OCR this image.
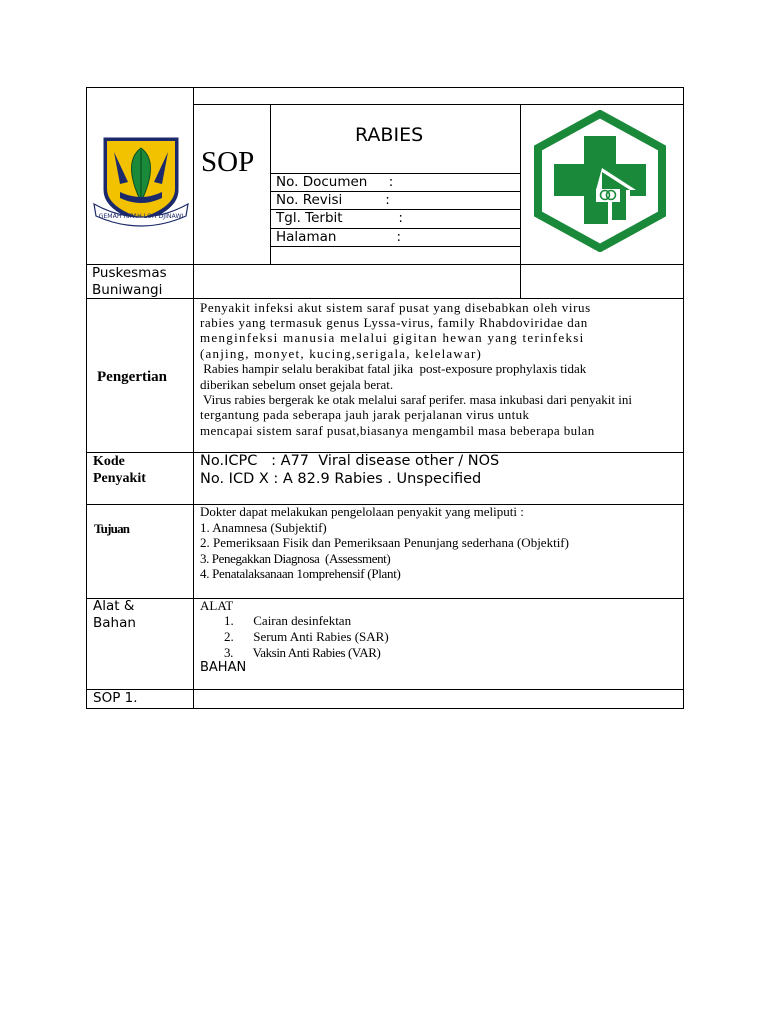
GEMAH RIPAH LOH DJINAWI
SOP
RABIES
No. Documen     :
No. Revisi          :
Tgl. Terbit             :
Halaman              :
Puskesmas
Buniwangi
Pengertian
Penyakit infeksi akut sistem saraf pusat yang disebabkan oleh virus
rabies yang termasuk genus Lyssa-virus, family Rhabdoviridae dan
menginfeksi manusia melalui gigitan hewan yang terinfeksi
(anjing, monyet, kucing,serigala, kelelawar)
Rabies hampir selalu berakibat fatal jika  post-exposure prophylaxis tidak
diberikan sebelum onset gejala berat.
Virus rabies bergerak ke otak melalui saraf perifer. masa inkubasi dari penyakit ini
tergantung pada seberapa jauh jarak perjalanan virus untuk
mencapai sistem saraf pusat,biasanya mengambil masa beberapa bulan
Kode
Penyakit
No.ICPC   : A77  Viral disease other / NOS
No. ICD X : A 82.9 Rabies . Unspecified
Tujuan
Dokter dapat melakukan pengelolaan penyakit yang meliputi :
1. Anamnesa (Subjektif)
2. Pemeriksaan Fisik dan Pemeriksaan Penunjang sederhana (Objektif)
3. Penegakkan Diagnosa  (Assessment)
4. Penatalaksanaan 1omprehensif (Plant)
Alat &
Bahan
ALAT
1.      Cairan desinfektan
2.      Serum Anti Rabies (SAR)
3.       Vaksin Anti Rabies (VAR)
BAHAN
SOP 1.
